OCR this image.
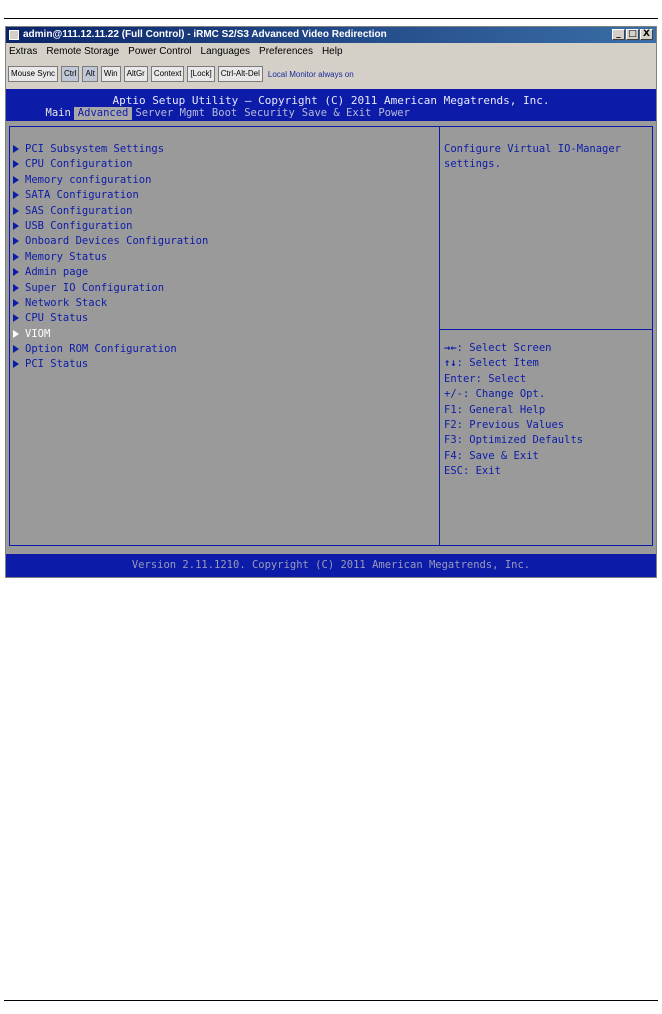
admin@111.12.11.22 (Full Control) - iRMC S2/S3 Advanced Video Redirection	_ □ X
Extras Remote Storage Power Control Languages Preferences Help
Mouse Sync	Ctrl	Alt	Win	AltGr	Context	[Lock]	Ctrl-Alt-Del	Local Monitor always on
Aptio Setup Utility – Copyright (C) 2011 American Megatrends, Inc.
Main Advanced Server Mgmt Boot Security Save & Exit Power
PCI Subsystem Settings
CPU Configuration
Memory configuration
SATA Configuration
SAS Configuration
USB Configuration
Onboard Devices Configuration
Memory Status
Admin page
Super IO Configuration
Network Stack
CPU Status
VIOM
Option ROM Configuration
PCI Status
Configure Virtual IO-Manager settings.
→←: Select Screen
↑↓: Select Item
Enter: Select
+/-: Change Opt.
F1: General Help
F2: Previous Values
F3: Optimized Defaults
F4: Save & Exit
ESC: Exit
Version 2.11.1210. Copyright (C) 2011 American Megatrends, Inc.
